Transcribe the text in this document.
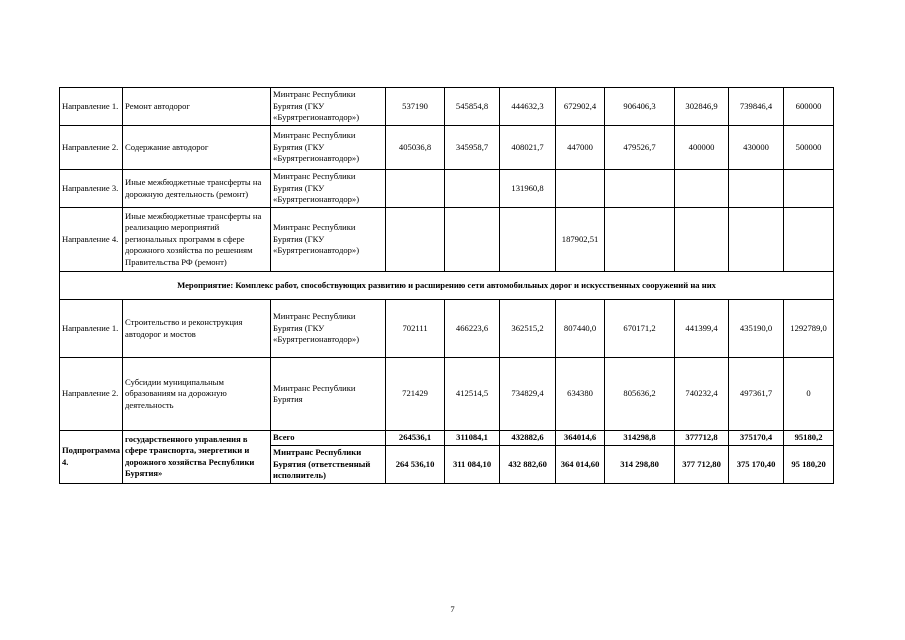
Направление 1.	Ремонт автодорог	Минтранс Республики Бурятия (ГКУ «Бурятрегионавтодор»)	537190	545854,8	444632,3	672902,4	906406,3	302846,9	739846,4	600000
Направление 2.	Содержание автодорог	Минтранс Республики Бурятия (ГКУ «Бурятрегионавтодор»)	405036,8	345958,7	408021,7	447000	479526,7	400000	430000	500000
Направление 3.	Иные межбюджетные трансферты на дорожную деятельность (ремонт)	Минтранс Республики Бурятия (ГКУ «Бурятрегионавтодор»)			131960,8					
Направление 4.	Иные межбюджетные трансферты на реализацию мероприятий региональных программ в сфере дорожного хозяйства по решениям Правительства РФ (ремонт)	Минтранс Республики Бурятия (ГКУ «Бурятрегионавтодор»)				187902,51				
Мероприятие: Комплекс работ, способствующих развитию и расширению сети автомобильных дорог и искусственных сооружений на них										
Направление 1.	Строительство и реконструкция автодорог и мостов	Минтранс Республики Бурятия (ГКУ «Бурятрегионавтодор»)	702111	466223,6	362515,2	807440,0	670171,2	441399,4	435190,0	1292789,0
Направление 2.	Субсидии муниципальным образованиям на дорожную деятельность	Минтранс Республики Бурятия	721429	412514,5	734829,4	634380	805636,2	740232,4	497361,7	0
Подпрограмма 4.	государственного управления в сфере транспорта, энергетики и дорожного хозяйства Республики Бурятия»	Всего	264536,1	311084,1	432882,6	364014,6	314298,8	377712,8	375170,4	95180,2
		Минтранс Республики Бурятия (ответственный исполнитель)	264 536,10	311 084,10	432 882,60	364 014,60	314 298,80	377 712,80	375 170,40	95 180,20
7
